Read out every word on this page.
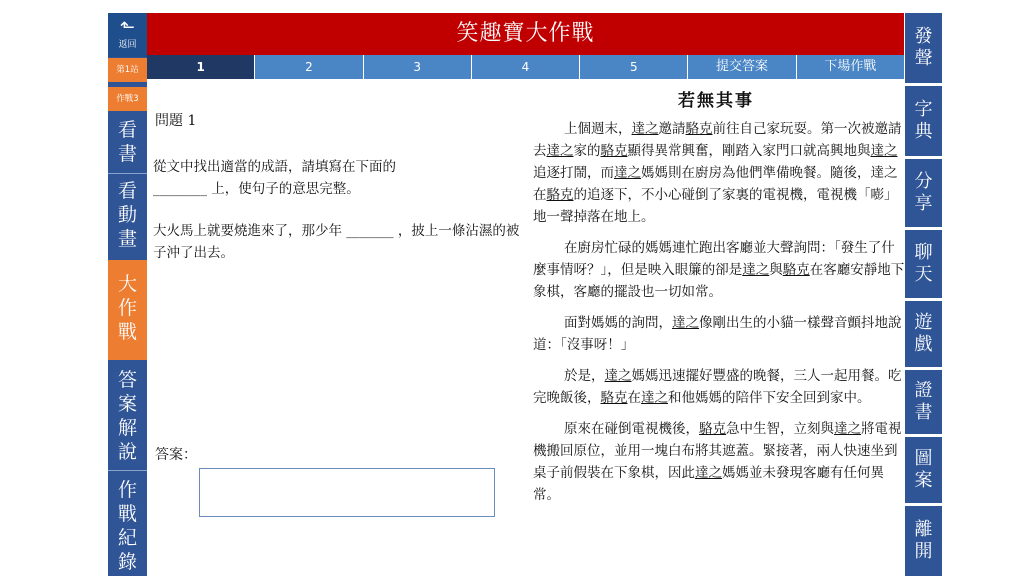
⬑
返回
第1站
作戰3
看書
看動畫
大作戰
答案解說
作戰紀錄
笑趣寶大作戰
1	2	3	4	5	提交答案	下場作戰
發聲
字典
分享
聊天
遊戲
證書
圖案
離開
問題 1
從文中找出適當的成語，請填寫在下面的
________ 上，使句子的意思完整。
大火馬上就要燒進來了，那少年 _______ ，披上一條沾濕的被子沖了出去。
答案：
若無其事

上個週末，達之邀請駱克前往自己家玩耍。第一次被邀請去達之家的駱克顯得異常興奮，剛踏入家門口就高興地與達之追逐打鬧，而達之媽媽則在廚房為他們準備晚餐。隨後，達之在駱克的追逐下，不小心碰倒了家裏的電視機，電視機「嘭」地一聲掉落在地上。

在廚房忙碌的媽媽連忙跑出客廳並大聲詢問：「發生了什麼事情呀？」，但是映入眼簾的卻是達之與駱克在客廳安靜地下象棋，客廳的擺設也一切如常。

面對媽媽的詢問，達之像剛出生的小貓一樣聲音顫抖地說道：「沒事呀！」

於是，達之媽媽迅速擺好豐盛的晚餐，三人一起用餐。吃完晚飯後，駱克在達之和他媽媽的陪伴下安全回到家中。

原來在碰倒電視機後，駱克急中生智，立刻與達之將電視機搬回原位，並用一塊白布將其遮蓋。緊接著，兩人快速坐到桌子前假裝在下象棋，因此達之媽媽並未發現客廳有任何異常。
